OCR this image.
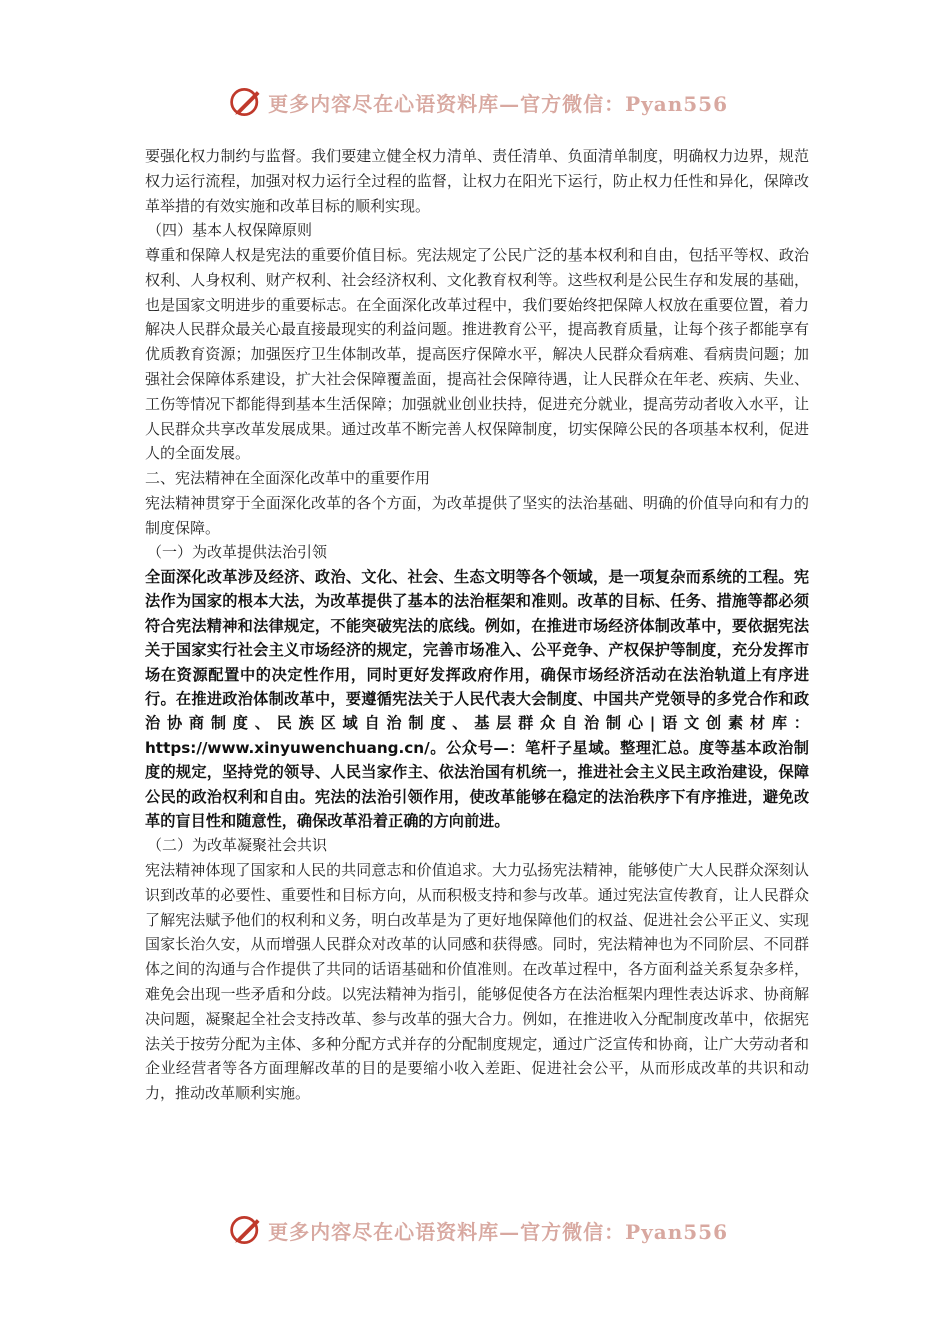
更多内容尽在心语资料库—官方微信：Pyan556

要强化权力制约与监督。我们要建立健全权力清单、责任清单、负面清单制度，明确权力边界，规范权力运行流程，加强对权力运行全过程的监督，让权力在阳光下运行，防止权力任性和异化，保障改革举措的有效实施和改革目标的顺利实现。

（四）基本人权保障原则

尊重和保障人权是宪法的重要价值目标。宪法规定了公民广泛的基本权利和自由，包括平等权、政治权利、人身权利、财产权利、社会经济权利、文化教育权利等。这些权利是公民生存和发展的基础，也是国家文明进步的重要标志。在全面深化改革过程中，我们要始终把保障人权放在重要位置，着力解决人民群众最关心最直接最现实的利益问题。推进教育公平，提高教育质量，让每个孩子都能享有优质教育资源；加强医疗卫生体制改革，提高医疗保障水平，解决人民群众看病难、看病贵问题；加强社会保障体系建设，扩大社会保障覆盖面，提高社会保障待遇，让人民群众在年老、疾病、失业、工伤等情况下都能得到基本生活保障；加强就业创业扶持，促进充分就业，提高劳动者收入水平，让人民群众共享改革发展成果。通过改革不断完善人权保障制度，切实保障公民的各项基本权利，促进人的全面发展。

二、宪法精神在全面深化改革中的重要作用

宪法精神贯穿于全面深化改革的各个方面，为改革提供了坚实的法治基础、明确的价值导向和有力的制度保障。

（一）为改革提供法治引领

全面深化改革涉及经济、政治、文化、社会、生态文明等各个领域，是一项复杂而系统的工程。宪法作为国家的根本大法，为改革提供了基本的法治框架和准则。改革的目标、任务、措施等都必须符合宪法精神和法律规定，不能突破宪法的底线。例如，在推进市场经济体制改革中，要依据宪法关于国家实行社会主义市场经济的规定，完善市场准入、公平竞争、产权保护等制度，充分发挥市场在资源配置中的决定性作用，同时更好发挥政府作用，确保市场经济活动在法治轨道上有序进行。在推进政治体制改革中，要遵循宪法关于人民代表大会制度、中国共产党领导的多党合作和政治协商制度、民族区域自治制度、基层群众自治制心|语文创素材库：https://www.xinyuwenchuang.cn/。公众号—：笔杆子星域。整理汇总。度等基本政治制度的规定，坚持党的领导、人民当家作主、依法治国有机统一，推进社会主义民主政治建设，保障公民的政治权利和自由。宪法的法治引领作用，使改革能够在稳定的法治秩序下有序推进，避免改革的盲目性和随意性，确保改革沿着正确的方向前进。

（二）为改革凝聚社会共识

宪法精神体现了国家和人民的共同意志和价值追求。大力弘扬宪法精神，能够使广大人民群众深刻认识到改革的必要性、重要性和目标方向，从而积极支持和参与改革。通过宪法宣传教育，让人民群众了解宪法赋予他们的权利和义务，明白改革是为了更好地保障他们的权益、促进社会公平正义、实现国家长治久安，从而增强人民群众对改革的认同感和获得感。同时，宪法精神也为不同阶层、不同群体之间的沟通与合作提供了共同的话语基础和价值准则。在改革过程中，各方面利益关系复杂多样，难免会出现一些矛盾和分歧。以宪法精神为指引，能够促使各方在法治框架内理性表达诉求、协商解决问题，凝聚起全社会支持改革、参与改革的强大合力。例如，在推进收入分配制度改革中，依据宪法关于按劳分配为主体、多种分配方式并存的分配制度规定，通过广泛宣传和协商，让广大劳动者和企业经营者等各方面理解改革的目的是要缩小收入差距、促进社会公平，从而形成改革的共识和动力，推动改革顺利实施。

更多内容尽在心语资料库—官方微信：Pyan556
